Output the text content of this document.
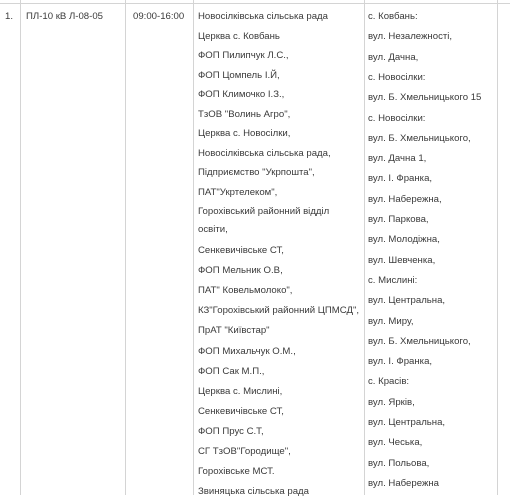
1. ПЛ-10 кВ Л-08-05	09:00-16:00 Новосілківська сільська рада
Церква с. Ковбань
ФОП Пилипчук Л.С.,
ФОП Цомпель І.Й,
ФОП Климочко І.З.,
ТзОВ "Волинь Агро",
Церква с. Новосілки,
Новосілківська сільська рада,
Підприємство "Укрпошта",
ПАТ"Укртелеком",
Горохівський районний відділ
освіти,
Сенкевичівське СТ,
ФОП Мельник О.В,
ПАТ" Ковельмолоко",
КЗ"Горохівський районний ЦПМСД",
ПрАТ "Київстар"
ФОП Михальчук О.М.,
ФОП Сак М.П.,
Церква с. Мислині,
Сенкевичівське СТ,
ФОП Прус С.Т,
СГ ТзОВ"Городище",
Горохівське МСТ.
Звиняцька сільська рада
с. Ковбань:
вул. Незалежності,
вул. Дачна,
с. Новосілки:
вул. Б. Хмельницького 15
с. Новосілки:
вул. Б. Хмельницького,
вул. Дачна 1,
вул. І. Франка,
вул. Набережна,
вул. Паркова,
вул. Молодіжна,
вул. Шевченка,
с. Мислині:
вул. Центральна,
вул. Миру,
вул. Б. Хмельницького,
вул. І. Франка,
с. Красів:
вул. Ярків,
вул. Центральна,
вул. Чеська,
вул. Польова,
вул. Набережна
